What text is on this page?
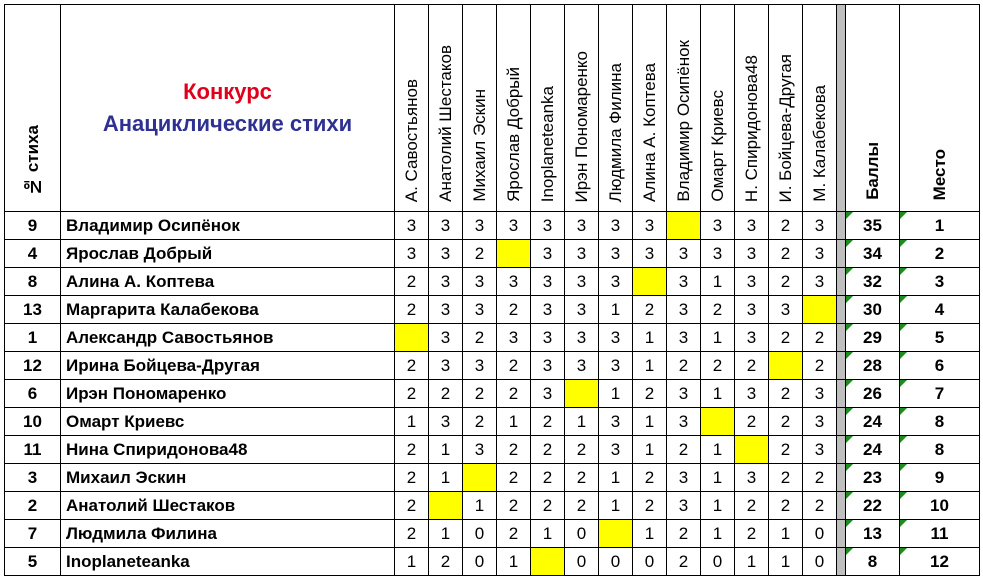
№ стиха	Конкурс
Анациклические стихи	А. Савостьянов	Анатолий Шестаков	Михаил Эскин	Ярослав Добрый	Inoplaneteanka	Ирэн Пономаренко	Людмила Филина	Алина А. Коптева	Владимир Осипёнок	Омарт Криевс	Н. Спиридонова48	И. Бойцева-Другая	М. Калабекова		Баллы	Место
9	Владимир Осипёнок	3	3	3	3	3	3	3	3		3	3	2	3		35	1
4	Ярослав Добрый	3	3	2		3	3	3	3	3	3	3	2	3		34	2
8	Алина А. Коптева	2	3	3	3	3	3	3		3	1	3	2	3		32	3
13	Маргарита Калабекова	2	3	3	2	3	3	1	2	3	2	3	3			30	4
1	Александр Савостьянов		3	2	3	3	3	3	1	3	1	3	2	2		29	5
12	Ирина Бойцева-Другая	2	3	3	2	3	3	3	1	2	2	2		2		28	6
6	Ирэн Пономаренко	2	2	2	2	3		1	2	3	1	3	2	3		26	7
10	Омарт Криевс	1	3	2	1	2	1	3	1	3		2	2	3		24	8
11	Нина Спиридонова48	2	1	3	2	2	2	3	1	2	1		2	3		24	8
3	Михаил Эскин	2	1		2	2	2	1	2	3	1	3	2	2		23	9
2	Анатолий Шестаков	2		1	2	2	2	1	2	3	1	2	2	2		22	10
7	Людмила Филина	2	1	0	2	1	0		1	2	1	2	1	0		13	11
5	Inoplaneteanka	1	2	0	1		0	0	0	2	0	1	1	0		8	12
